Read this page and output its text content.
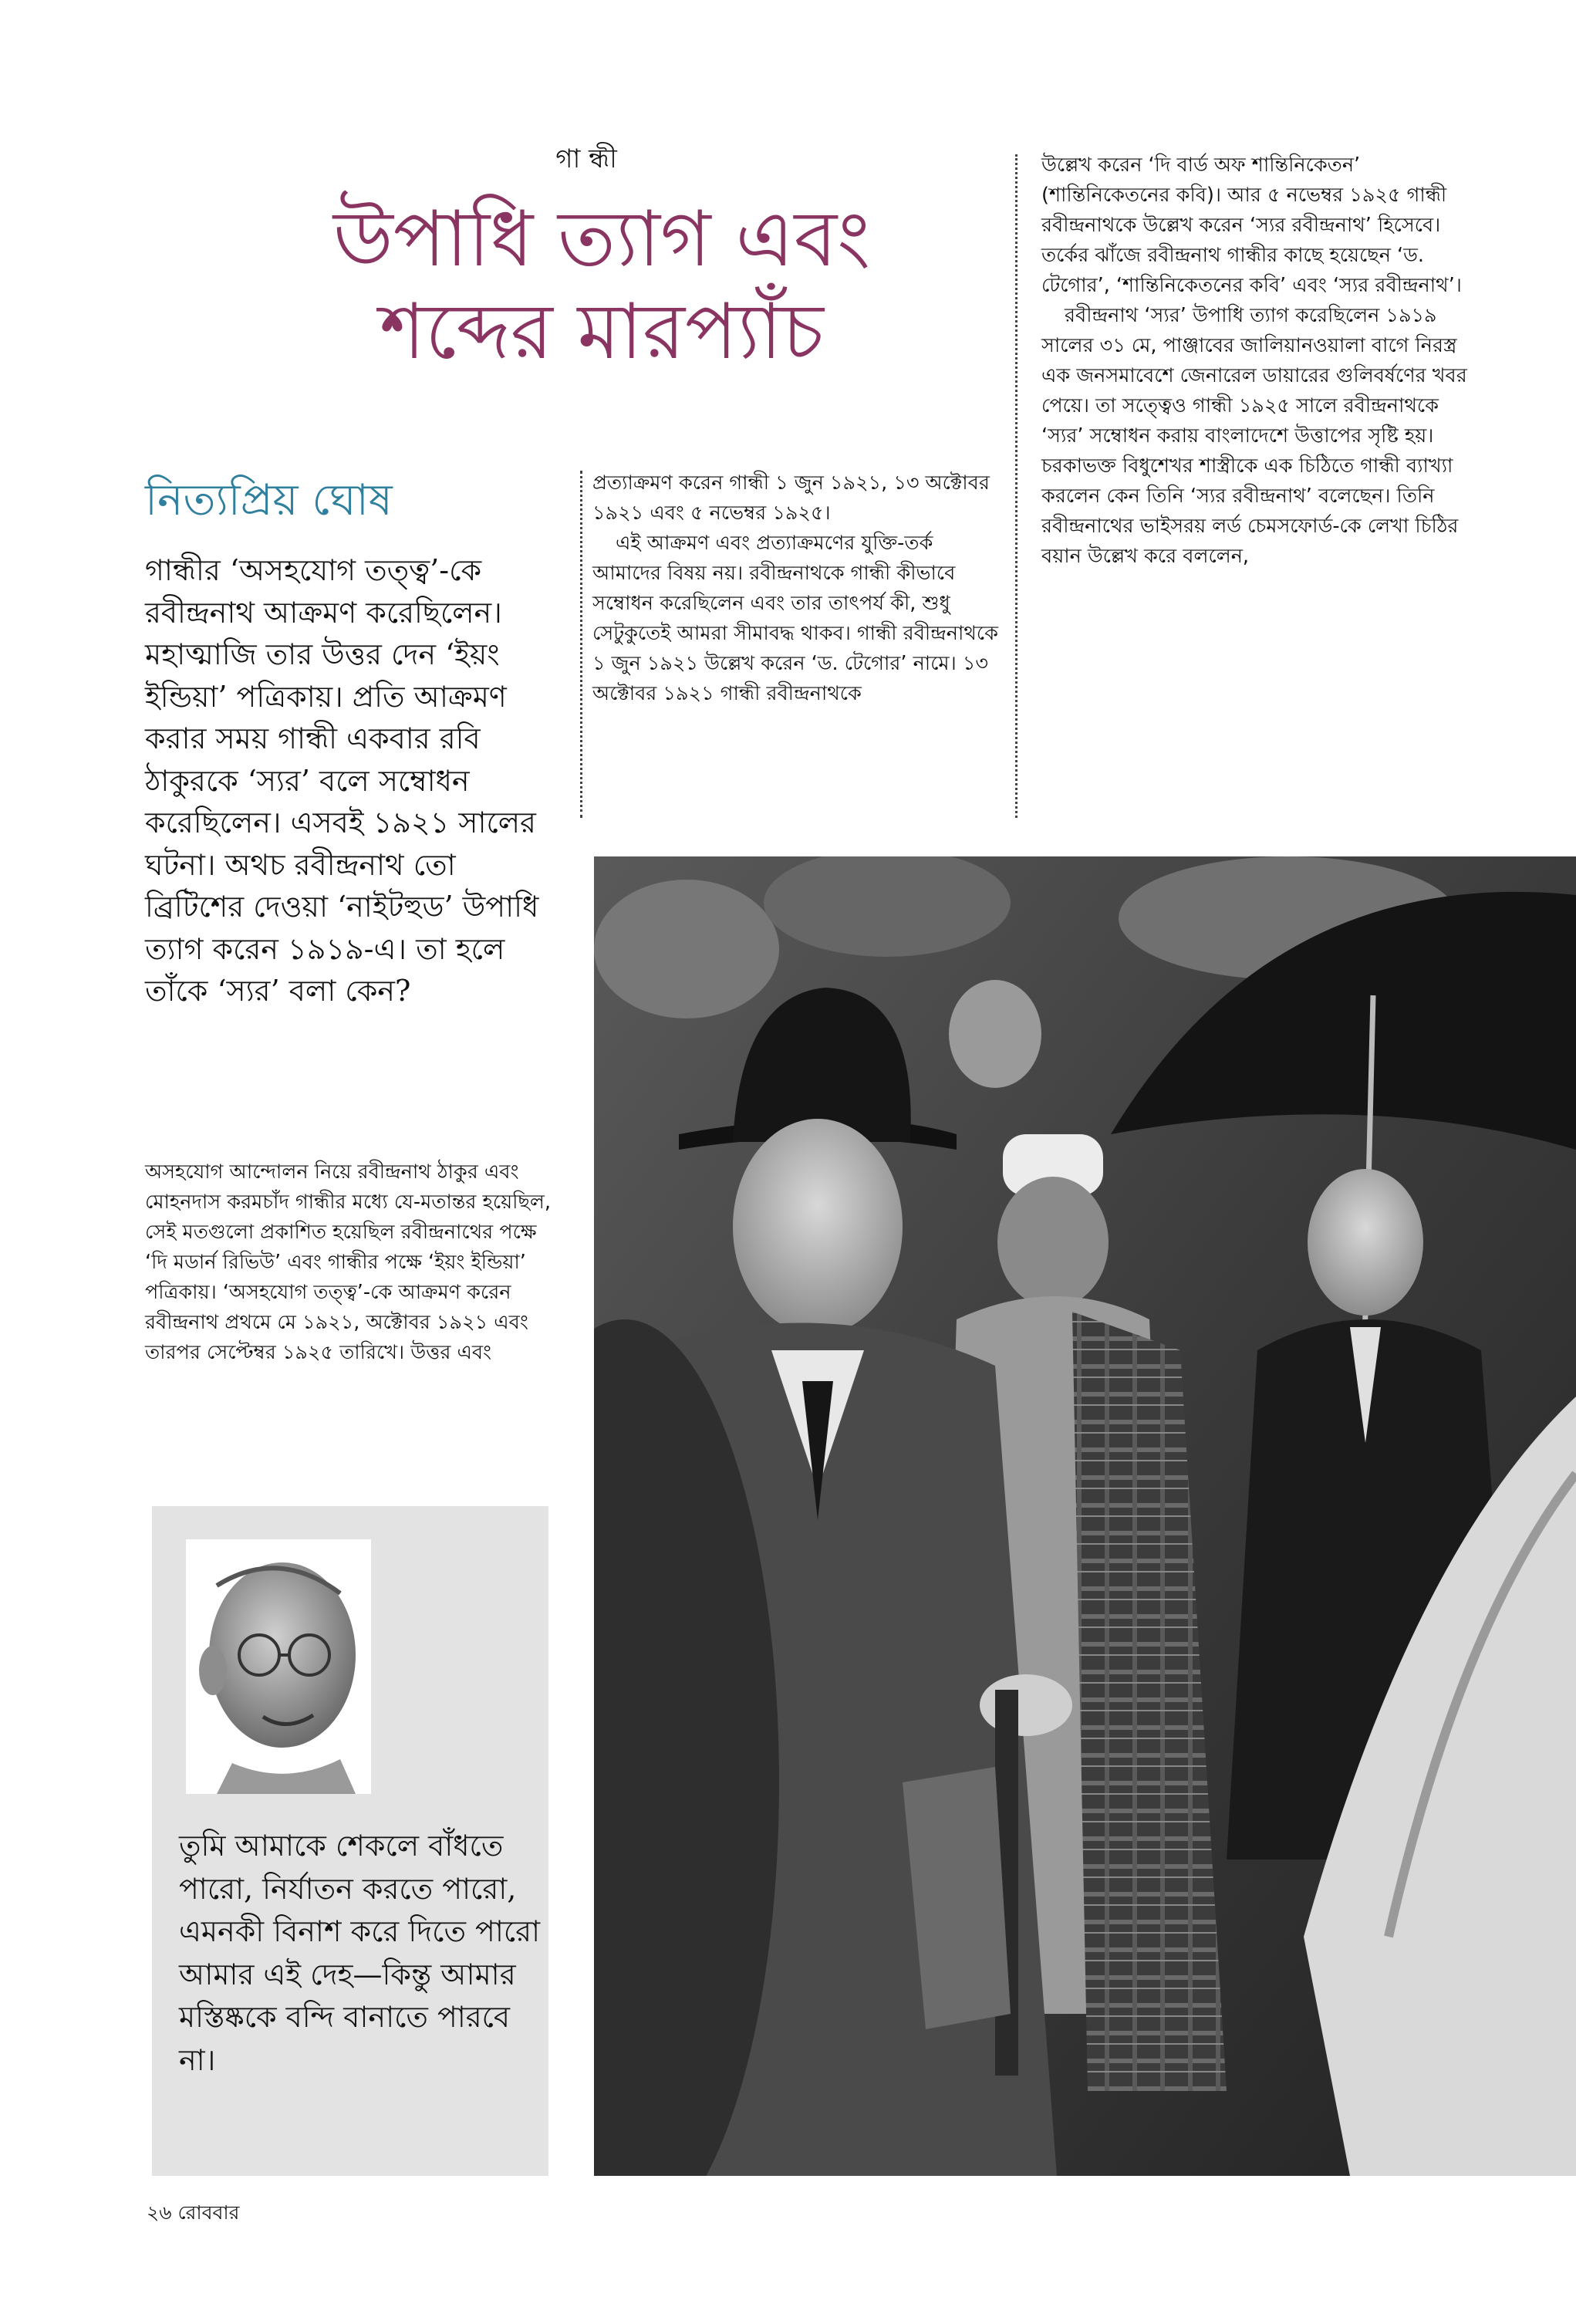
গা ন্ধী
উপাধি ত্যাগ এবং
শব্দের মারপ্যাঁচ
নিত্যপ্রিয় ঘোষ

গান্ধীর ‘অসহযোগ তত্ত্ব’-কে রবীন্দ্রনাথ আক্রমণ করেছিলেন। মহাত্মাজি তার উত্তর দেন ‘ইয়ং ইন্ডিয়া’ পত্রিকায়। প্রতি আক্রমণ করার সময় গান্ধী একবার রবি ঠাকুরকে ‘স্যর’ বলে সম্বোধন করেছিলেন। এসবই ১৯২১ সালের ঘটনা। অথচ রবীন্দ্রনাথ তো ব্রিটিশের দেওয়া ‘নাইটহুড’ উপাধি ত্যাগ করেন ১৯১৯-এ। তা হলে তাঁকে ‘স্যর’ বলা কেন?

অসহযোগ আন্দোলন নিয়ে রবীন্দ্রনাথ ঠাকুর এবং মোহনদাস করমচাঁদ গান্ধীর মধ্যে যে-মতান্তর হয়েছিল, সেই মতগুলো প্রকাশিত হয়েছিল রবীন্দ্রনাথের পক্ষে ‘দি মডার্ন রিভিউ’ এবং গান্ধীর পক্ষে ‘ইয়ং ইন্ডিয়া’ পত্রিকায়। ‘অসহযোগ তত্ত্ব’-কে আক্রমণ করেন রবীন্দ্রনাথ প্রথমে মে ১৯২১, অক্টোবর ১৯২১ এবং তারপর সেপ্টেম্বর ১৯২৫ তারিখে। উত্তর এবং

প্রত্যাক্রমণ করেন গান্ধী ১ জুন ১৯২১, ১৩ অক্টোবর ১৯২১ এবং ৫ নভেম্বর ১৯২৫।

এই আক্রমণ এবং প্রত্যাক্রমণের যুক্তি-তর্ক আমাদের বিষয় নয়। রবীন্দ্রনাথকে গান্ধী কীভাবে সম্বোধন করেছিলেন এবং তার তাৎপর্য কী, শুধু সেটুকুতেই আমরা সীমাবদ্ধ থাকব। গান্ধী রবীন্দ্রনাথকে ১ জুন ১৯২১ উল্লেখ করেন ‘ড. টেগোর’ নামে। ১৩ অক্টোবর ১৯২১ গান্ধী রবীন্দ্রনাথকে

উল্লেখ করেন ‘দি বার্ড অফ শান্তিনিকেতন’ (শান্তিনিকেতনের কবি)। আর ৫ নভেম্বর ১৯২৫ গান্ধী রবীন্দ্রনাথকে উল্লেখ করেন ‘স্যর রবীন্দ্রনাথ’ হিসেবে। তর্কের ঝাঁজে রবীন্দ্রনাথ গান্ধীর কাছে হয়েছেন ‘ড. টেগোর’, ‘শান্তিনিকেতনের কবি’ এবং ‘স্যর রবীন্দ্রনাথ’।

রবীন্দ্রনাথ ‘স্যর’ উপাধি ত্যাগ করেছিলেন ১৯১৯ সালের ৩১ মে, পাঞ্জাবের জালিয়ানওয়ালা বাগে নিরস্ত্র এক জনসমাবেশে জেনারেল ডায়ারের গুলিবর্ষণের খবর পেয়ে। তা সত্ত্বেও গান্ধী ১৯২৫ সালে রবীন্দ্রনাথকে ‘স্যর’ সম্বোধন করায় বাংলাদেশে উত্তাপের সৃষ্টি হয়। চরকাভক্ত বিধুশেখর শাস্ত্রীকে এক চিঠিতে গান্ধী ব্যাখ্যা করলেন কেন তিনি ‘স্যর রবীন্দ্রনাথ’ বলেছেন। তিনি রবীন্দ্রনাথের ভাইসরয় লর্ড চেমসফোর্ড-কে লেখা চিঠির বয়ান উল্লেখ করে বললেন,

তুমি আমাকে শেকলে বাঁধতে পারো, নির্যাতন করতে পারো, এমনকী বিনাশ করে দিতে পারো আমার এই দেহ—কিন্তু আমার মস্তিষ্ককে বন্দি বানাতে পারবে না।

২৬ রোববার
